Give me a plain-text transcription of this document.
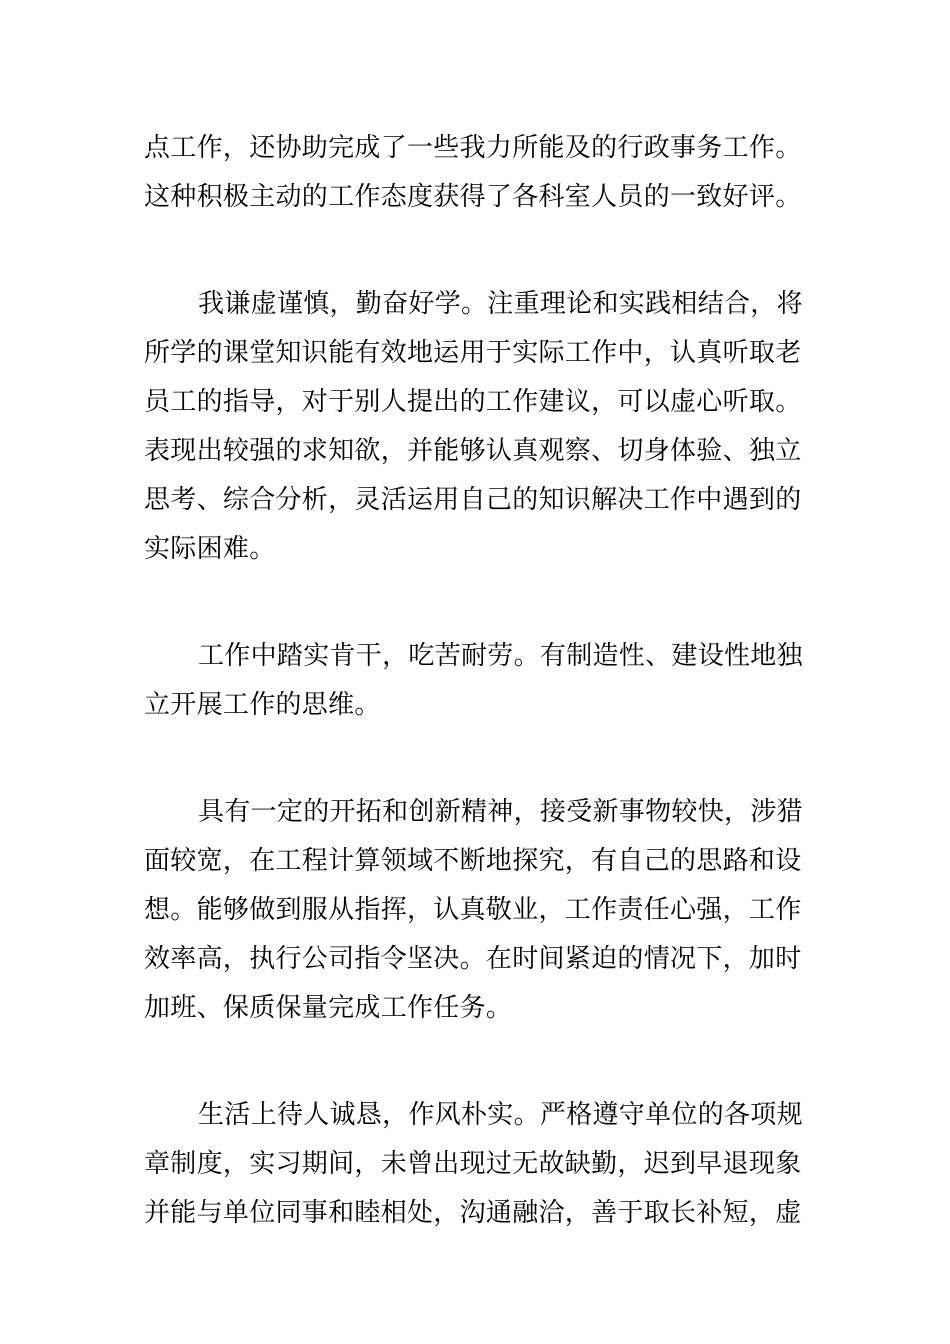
点工作，还协助完成了一些我力所能及的行政事务工作。
这种积极主动的工作态度获得了各科室人员的一致好评。

我谦虚谨慎，勤奋好学。注重理论和实践相结合，将
所学的课堂知识能有效地运用于实际工作中，认真听取老
员工的指导，对于别人提出的工作建议，可以虚心听取。
表现出较强的求知欲，并能够认真观察、切身体验、独立
思考、综合分析，灵活运用自己的知识解决工作中遇到的
实际困难。

工作中踏实肯干，吃苦耐劳。有制造性、建设性地独
立开展工作的思维。

具有一定的开拓和创新精神，接受新事物较快，涉猎
面较宽，在工程计算领域不断地探究，有自己的思路和设
想。能够做到服从指挥，认真敬业，工作责任心强，工作
效率高，执行公司指令坚决。在时间紧迫的情况下，加时
加班、保质保量完成工作任务。

生活上待人诚恳，作风朴实。严格遵守单位的各项规
章制度，实习期间，未曾出现过无故缺勤，迟到早退现象
并能与单位同事和睦相处，沟通融洽，善于取长补短，虚
